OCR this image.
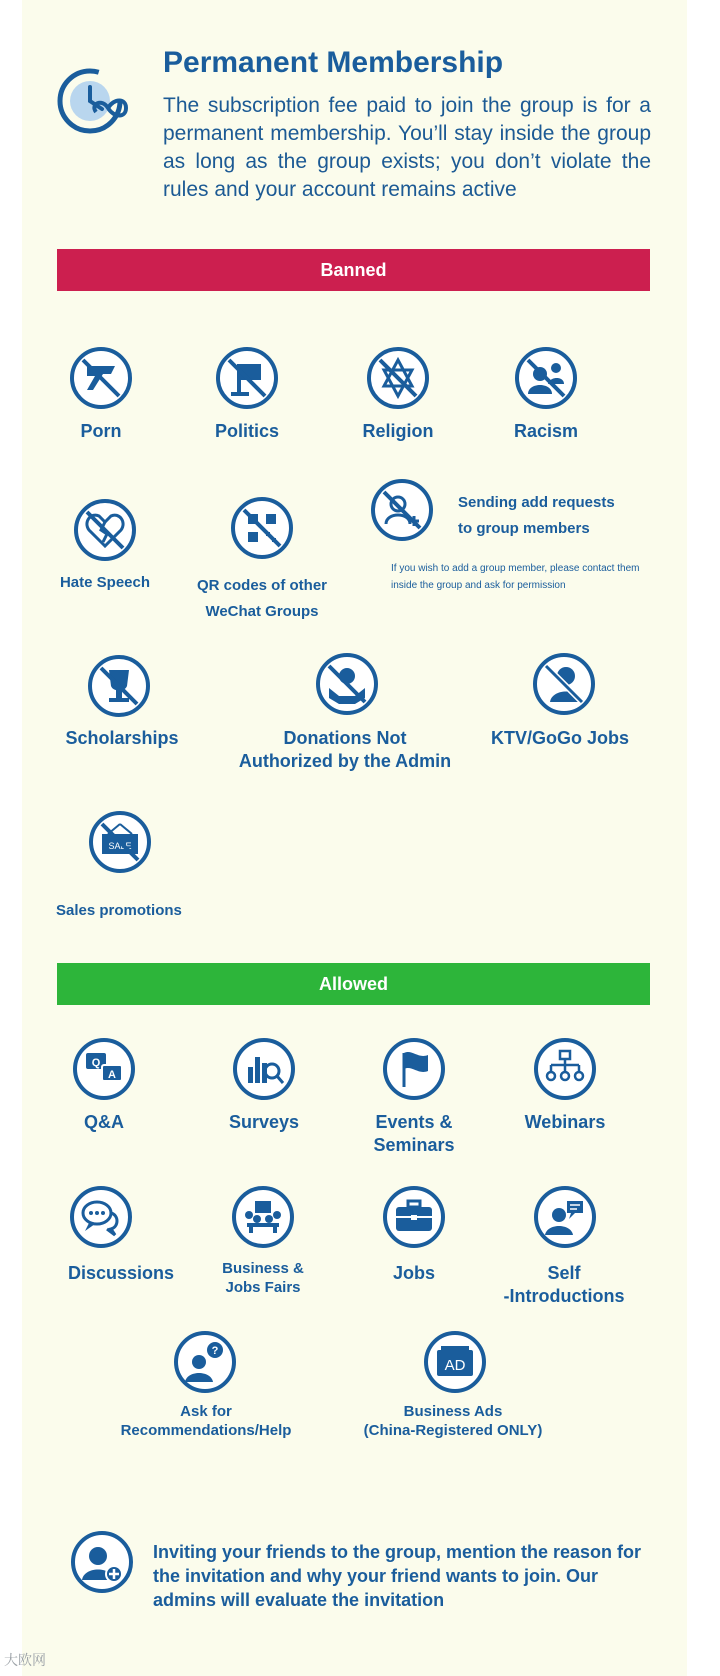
Permanent Membership
The subscription fee paid to join the group is for a permanent membership. You’ll stay inside the group as long as the group exists; you don’t violate the rules and your account remains active
Banned
Porn	Politics	Religion	Racism
Hate Speech	QR codes of other
WeChat Groups
Sending add requests
to group members
If you wish to add a group member, please contact them
inside the group and ask for permission
Scholarships	Donations Not
Authorized by the Admin
KTV/GoGo Jobs
SALE
Sales promotions
Allowed
Q
A
Q&A	Surveys	Events &
Seminars
Webinars
Discussions	Business &
Jobs Fairs
Jobs	Self
-Introductions
?
Ask for
Recommendations/Help
AD
Business Ads
(China-Registered ONLY)
Inviting your friends to the group, mention the reason for the invitation and why your friend wants to join. Our admins will evaluate the invitation
大欧网
